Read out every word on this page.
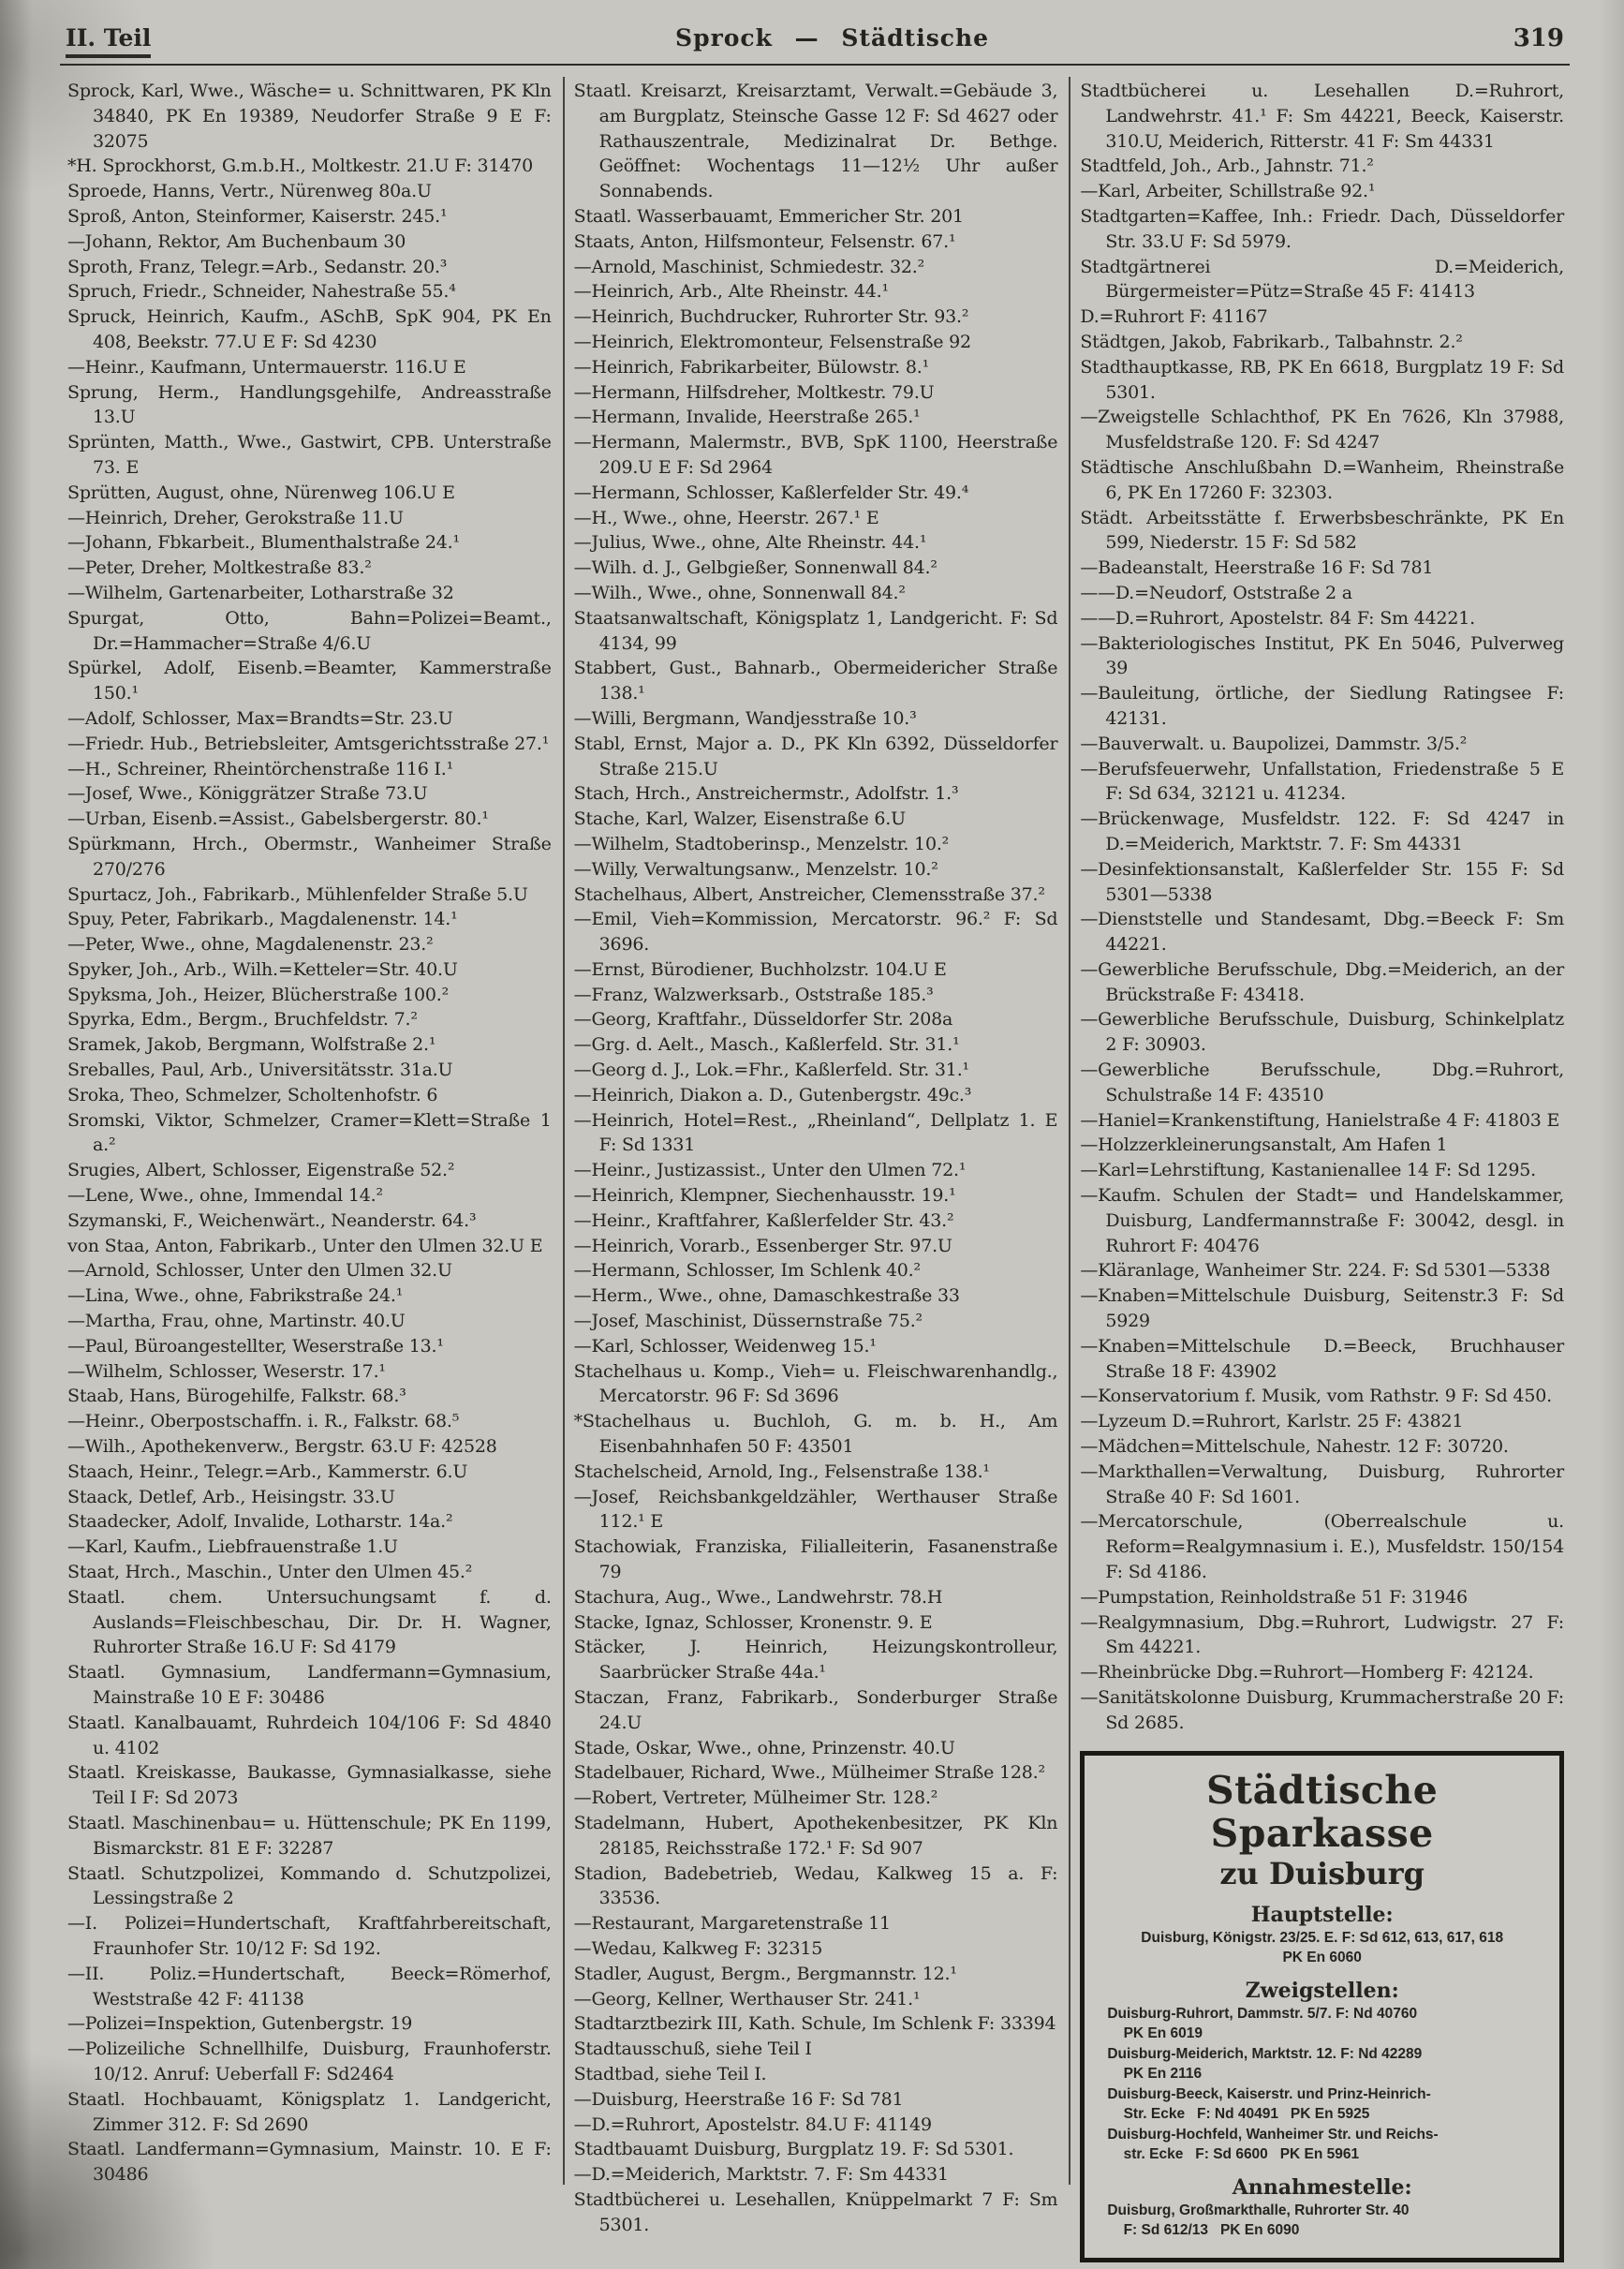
II. Teil	Sprock — Städtische	319
Sprock, Karl, Wwe., Wäsche= u. Schnittwaren, PK Kln 34840, PK En 19389, Neudorfer Straße 9 E F: 32075
*H. Sprockhorst, G.m.b.H., Moltkestr. 21.U F: 31470
Sproede, Hanns, Vertr., Nürenweg 80a.U
Sproß, Anton, Steinformer, Kaiserstr. 245.¹
—Johann, Rektor, Am Buchenbaum 30
Sproth, Franz, Telegr.=Arb., Sedanstr. 20.³
Spruch, Friedr., Schneider, Nahestraße 55.⁴
Spruck, Heinrich, Kaufm., ASchB, SpK 904, PK En 408, Beekstr. 77.U E F: Sd 4230
—Heinr., Kaufmann, Untermauerstr. 116.U E
Sprung, Herm., Handlungsgehilfe, Andreasstraße 13.U
Sprünten, Matth., Wwe., Gastwirt, CPB. Unterstraße 73. E
Sprütten, August, ohne, Nürenweg 106.U E
—Heinrich, Dreher, Gerokstraße 11.U
—Johann, Fbkarbeit., Blumenthalstraße 24.¹
—Peter, Dreher, Moltkestraße 83.²
—Wilhelm, Gartenarbeiter, Lotharstraße 32
Spurgat, Otto, Bahn=Polizei=Beamt., Dr.=Hammacher=Straße 4/6.U
Spürkel, Adolf, Eisenb.=Beamter, Kammerstraße 150.¹
—Adolf, Schlosser, Max=Brandts=Str. 23.U
—Friedr. Hub., Betriebsleiter, Amtsgerichtsstraße 27.¹
—H., Schreiner, Rheintörchenstraße 116 I.¹
—Josef, Wwe., Königgrätzer Straße 73.U
—Urban, Eisenb.=Assist., Gabelsbergerstr. 80.¹
Spürkmann, Hrch., Obermstr., Wanheimer Straße 270/276
Spurtacz, Joh., Fabrikarb., Mühlenfelder Straße 5.U
Spuy, Peter, Fabrikarb., Magdalenenstr. 14.¹
—Peter, Wwe., ohne, Magdalenenstr. 23.²
Spyker, Joh., Arb., Wilh.=Ketteler=Str. 40.U
Spyksma, Joh., Heizer, Blücherstraße 100.²
Spyrka, Edm., Bergm., Bruchfeldstr. 7.²
Sramek, Jakob, Bergmann, Wolfstraße 2.¹
Sreballes, Paul, Arb., Universitätsstr. 31a.U
Sroka, Theo, Schmelzer, Scholtenhofstr. 6
Sromski, Viktor, Schmelzer, Cramer=Klett=Straße 1 a.²
Srugies, Albert, Schlosser, Eigenstraße 52.²
—Lene, Wwe., ohne, Immendal 14.²
Szymanski, F., Weichenwärt., Neanderstr. 64.³
von Staa, Anton, Fabrikarb., Unter den Ulmen 32.U E
—Arnold, Schlosser, Unter den Ulmen 32.U
—Lina, Wwe., ohne, Fabrikstraße 24.¹
—Martha, Frau, ohne, Martinstr. 40.U
—Paul, Büroangestellter, Weserstraße 13.¹
—Wilhelm, Schlosser, Weserstr. 17.¹
Staab, Hans, Bürogehilfe, Falkstr. 68.³
—Heinr., Oberpostschaffn. i. R., Falkstr. 68.⁵
—Wilh., Apothekenverw., Bergstr. 63.U F: 42528
Staach, Heinr., Telegr.=Arb., Kammerstr. 6.U
Staack, Detlef, Arb., Heisingstr. 33.U
Staadecker, Adolf, Invalide, Lotharstr. 14a.²
—Karl, Kaufm., Liebfrauenstraße 1.U
Staat, Hrch., Maschin., Unter den Ulmen 45.²
Staatl. chem. Untersuchungsamt f. d. Auslands=Fleischbeschau, Dir. Dr. H. Wagner, Ruhrorter Straße 16.U F: Sd 4179
Staatl. Gymnasium, Landfermann=Gymnasium, Mainstraße 10 E F: 30486
Staatl. Kanalbauamt, Ruhrdeich 104/106 F: Sd 4840 u. 4102
Staatl. Kreiskasse, Baukasse, Gymnasialkasse, siehe Teil I F: Sd 2073
Staatl. Maschinenbau= u. Hüttenschule; PK En 1199, Bismarckstr. 81 E F: 32287
Staatl. Schutzpolizei, Kommando d. Schutzpolizei, Lessingstraße 2
—I. Polizei=Hundertschaft, Kraftfahrbereitschaft, Fraunhofer Str. 10/12 F: Sd 192.
—II. Poliz.=Hundertschaft, Beeck=Römerhof, Weststraße 42 F: 41138
—Polizei=Inspektion, Gutenbergstr. 19
—Polizeiliche Schnellhilfe, Duisburg, Fraunhoferstr. 10/12. Anruf: Ueberfall F: Sd2464
Staatl. Hochbauamt, Königsplatz 1. Landgericht, Zimmer 312. F: Sd 2690
Staatl. Landfermann=Gymnasium, Mainstr. 10. E F: 30486
Staatl. Kreisarzt, Kreisarztamt, Verwalt.=Gebäude 3, am Burgplatz, Steinsche Gasse 12 F: Sd 4627 oder Rathauszentrale, Medizinalrat Dr. Bethge. Geöffnet: Wochentags 11—12½ Uhr außer Sonnabends.
Staatl. Wasserbauamt, Emmericher Str. 201
Staats, Anton, Hilfsmonteur, Felsenstr. 67.¹
—Arnold, Maschinist, Schmiedestr. 32.²
—Heinrich, Arb., Alte Rheinstr. 44.¹
—Heinrich, Buchdrucker, Ruhrorter Str. 93.²
—Heinrich, Elektromonteur, Felsenstraße 92
—Heinrich, Fabrikarbeiter, Bülowstr. 8.¹
—Hermann, Hilfsdreher, Moltkestr. 79.U
—Hermann, Invalide, Heerstraße 265.¹
—Hermann, Malermstr., BVB, SpK 1100, Heerstraße 209.U E F: Sd 2964
—Hermann, Schlosser, Kaßlerfelder Str. 49.⁴
—H., Wwe., ohne, Heerstr. 267.¹ E
—Julius, Wwe., ohne, Alte Rheinstr. 44.¹
—Wilh. d. J., Gelbgießer, Sonnenwall 84.²
—Wilh., Wwe., ohne, Sonnenwall 84.²
Staatsanwaltschaft, Königsplatz 1, Landgericht. F: Sd 4134, 99
Stabbert, Gust., Bahnarb., Obermeidericher Straße 138.¹
—Willi, Bergmann, Wandjesstraße 10.³
Stabl, Ernst, Major a. D., PK Kln 6392, Düsseldorfer Straße 215.U
Stach, Hrch., Anstreichermstr., Adolfstr. 1.³
Stache, Karl, Walzer, Eisenstraße 6.U
—Wilhelm, Stadtoberinsp., Menzelstr. 10.²
—Willy, Verwaltungsanw., Menzelstr. 10.²
Stachelhaus, Albert, Anstreicher, Clemensstraße 37.²
—Emil, Vieh=Kommission, Mercatorstr. 96.² F: Sd 3696.
—Ernst, Bürodiener, Buchholzstr. 104.U E
—Franz, Walzwerksarb., Oststraße 185.³
—Georg, Kraftfahr., Düsseldorfer Str. 208a
—Grg. d. Aelt., Masch., Kaßlerfeld. Str. 31.¹
—Georg d. J., Lok.=Fhr., Kaßlerfeld. Str. 31.¹
—Heinrich, Diakon a. D., Gutenbergstr. 49c.³
—Heinrich, Hotel=Rest., „Rheinland“, Dellplatz 1. E F: Sd 1331
—Heinr., Justizassist., Unter den Ulmen 72.¹
—Heinrich, Klempner, Siechenhausstr. 19.¹
—Heinr., Kraftfahrer, Kaßlerfelder Str. 43.²
—Heinrich, Vorarb., Essenberger Str. 97.U
—Hermann, Schlosser, Im Schlenk 40.²
—Herm., Wwe., ohne, Damaschkestraße 33
—Josef, Maschinist, Düssernstraße 75.²
—Karl, Schlosser, Weidenweg 15.¹
Stachelhaus u. Komp., Vieh= u. Fleischwarenhandlg., Mercatorstr. 96 F: Sd 3696
*Stachelhaus u. Buchloh, G. m. b. H., Am Eisenbahnhafen 50 F: 43501
Stachelscheid, Arnold, Ing., Felsenstraße 138.¹
—Josef, Reichsbankgeldzähler, Werthauser Straße 112.¹ E
Stachowiak, Franziska, Filialleiterin, Fasanenstraße 79
Stachura, Aug., Wwe., Landwehrstr. 78.H
Stacke, Ignaz, Schlosser, Kronenstr. 9. E
Stäcker, J. Heinrich, Heizungskontrolleur, Saarbrücker Straße 44a.¹
Staczan, Franz, Fabrikarb., Sonderburger Straße 24.U
Stade, Oskar, Wwe., ohne, Prinzenstr. 40.U
Stadelbauer, Richard, Wwe., Mülheimer Straße 128.²
—Robert, Vertreter, Mülheimer Str. 128.²
Stadelmann, Hubert, Apothekenbesitzer, PK Kln 28185, Reichsstraße 172.¹ F: Sd 907
Stadion, Badebetrieb, Wedau, Kalkweg 15 a. F: 33536.
—Restaurant, Margaretenstraße 11
—Wedau, Kalkweg F: 32315
Stadler, August, Bergm., Bergmannstr. 12.¹
—Georg, Kellner, Werthauser Str. 241.¹
Stadtarztbezirk III, Kath. Schule, Im Schlenk F: 33394
Stadtausschuß, siehe Teil I
Stadtbad, siehe Teil I.
—Duisburg, Heerstraße 16 F: Sd 781
—D.=Ruhrort, Apostelstr. 84.U F: 41149
Stadtbauamt Duisburg, Burgplatz 19. F: Sd 5301.
—D.=Meiderich, Marktstr. 7. F: Sm 44331
Stadtbücherei u. Lesehallen, Knüppelmarkt 7 F: Sm 5301.
Stadtbücherei u. Lesehallen D.=Ruhrort, Landwehrstr. 41.¹ F: Sm 44221, Beeck, Kaiserstr. 310.U, Meiderich, Ritterstr. 41 F: Sm 44331
Stadtfeld, Joh., Arb., Jahnstr. 71.²
—Karl, Arbeiter, Schillstraße 92.¹
Stadtgarten=Kaffee, Inh.: Friedr. Dach, Düsseldorfer Str. 33.U F: Sd 5979.
Stadtgärtnerei D.=Meiderich, Bürgermeister=Pütz=Straße 45 F: 41413
D.=Ruhrort F: 41167
Städtgen, Jakob, Fabrikarb., Talbahnstr. 2.²
Stadthauptkasse, RB, PK En 6618, Burgplatz 19 F: Sd 5301.
—Zweigstelle Schlachthof, PK En 7626, Kln 37988, Musfeldstraße 120. F: Sd 4247
Städtische Anschlußbahn D.=Wanheim, Rheinstraße 6, PK En 17260 F: 32303.
Städt. Arbeitsstätte f. Erwerbsbeschränkte, PK En 599, Niederstr. 15 F: Sd 582
—Badeanstalt, Heerstraße 16 F: Sd 781
——D.=Neudorf, Oststraße 2 a
——D.=Ruhrort, Apostelstr. 84 F: Sm 44221.
—Bakteriologisches Institut, PK En 5046, Pulverweg 39
—Bauleitung, örtliche, der Siedlung Ratingsee F: 42131.
—Bauverwalt. u. Baupolizei, Dammstr. 3/5.²
—Berufsfeuerwehr, Unfallstation, Friedenstraße 5 E F: Sd 634, 32121 u. 41234.
—Brückenwage, Musfeldstr. 122. F: Sd 4247 in D.=Meiderich, Marktstr. 7. F: Sm 44331
—Desinfektionsanstalt, Kaßlerfelder Str. 155 F: Sd 5301—5338
—Dienststelle und Standesamt, Dbg.=Beeck F: Sm 44221.
—Gewerbliche Berufsschule, Dbg.=Meiderich, an der Brückstraße F: 43418.
—Gewerbliche Berufsschule, Duisburg, Schinkelplatz 2 F: 30903.
—Gewerbliche Berufsschule, Dbg.=Ruhrort, Schulstraße 14 F: 43510
—Haniel=Krankenstiftung, Hanielstraße 4 F: 41803 E
—Holzzerkleinerungsanstalt, Am Hafen 1
—Karl=Lehrstiftung, Kastanienallee 14 F: Sd 1295.
—Kaufm. Schulen der Stadt= und Handelskammer, Duisburg, Landfermannstraße F: 30042, desgl. in Ruhrort F: 40476
—Kläranlage, Wanheimer Str. 224. F: Sd 5301—5338
—Knaben=Mittelschule Duisburg, Seitenstr.3 F: Sd 5929
—Knaben=Mittelschule D.=Beeck, Bruchhauser Straße 18 F: 43902
—Konservatorium f. Musik, vom Rathstr. 9 F: Sd 450.
—Lyzeum D.=Ruhrort, Karlstr. 25 F: 43821
—Mädchen=Mittelschule, Nahestr. 12 F: 30720.
—Markthallen=Verwaltung, Duisburg, Ruhrorter Straße 40 F: Sd 1601.
—Mercatorschule, (Oberrealschule u. Reform=Realgymnasium i. E.), Musfeldstr. 150/154 F: Sd 4186.
—Pumpstation, Reinholdstraße 51 F: 31946
—Realgymnasium, Dbg.=Ruhrort, Ludwigstr. 27 F: Sm 44221.
—Rheinbrücke Dbg.=Ruhrort—Homberg F: 42124.
—Sanitätskolonne Duisburg, Krummacherstraße 20 F: Sd 2685.
Städtische Sparkasse
zu Duisburg
Hauptstelle:
Duisburg, Königstr. 23/25. E. F: Sd 612, 613, 617, 618
PK En 6060
Zweigstellen:
Duisburg-Ruhrort, Dammstr. 5/7. F: Nd 40760
PK En 6019
Duisburg-Meiderich, Marktstr. 12. F: Nd 42289
PK En 2116
Duisburg-Beeck, Kaiserstr. und Prinz-Heinrich-
Str. Ecke   F: Nd 40491   PK En 5925
Duisburg-Hochfeld, Wanheimer Str. und Reichs-
str. Ecke   F: Sd 6600   PK En 5961
Annahmestelle:
Duisburg, Großmarkthalle, Ruhrorter Str. 40
F: Sd 612/13   PK En 6090
